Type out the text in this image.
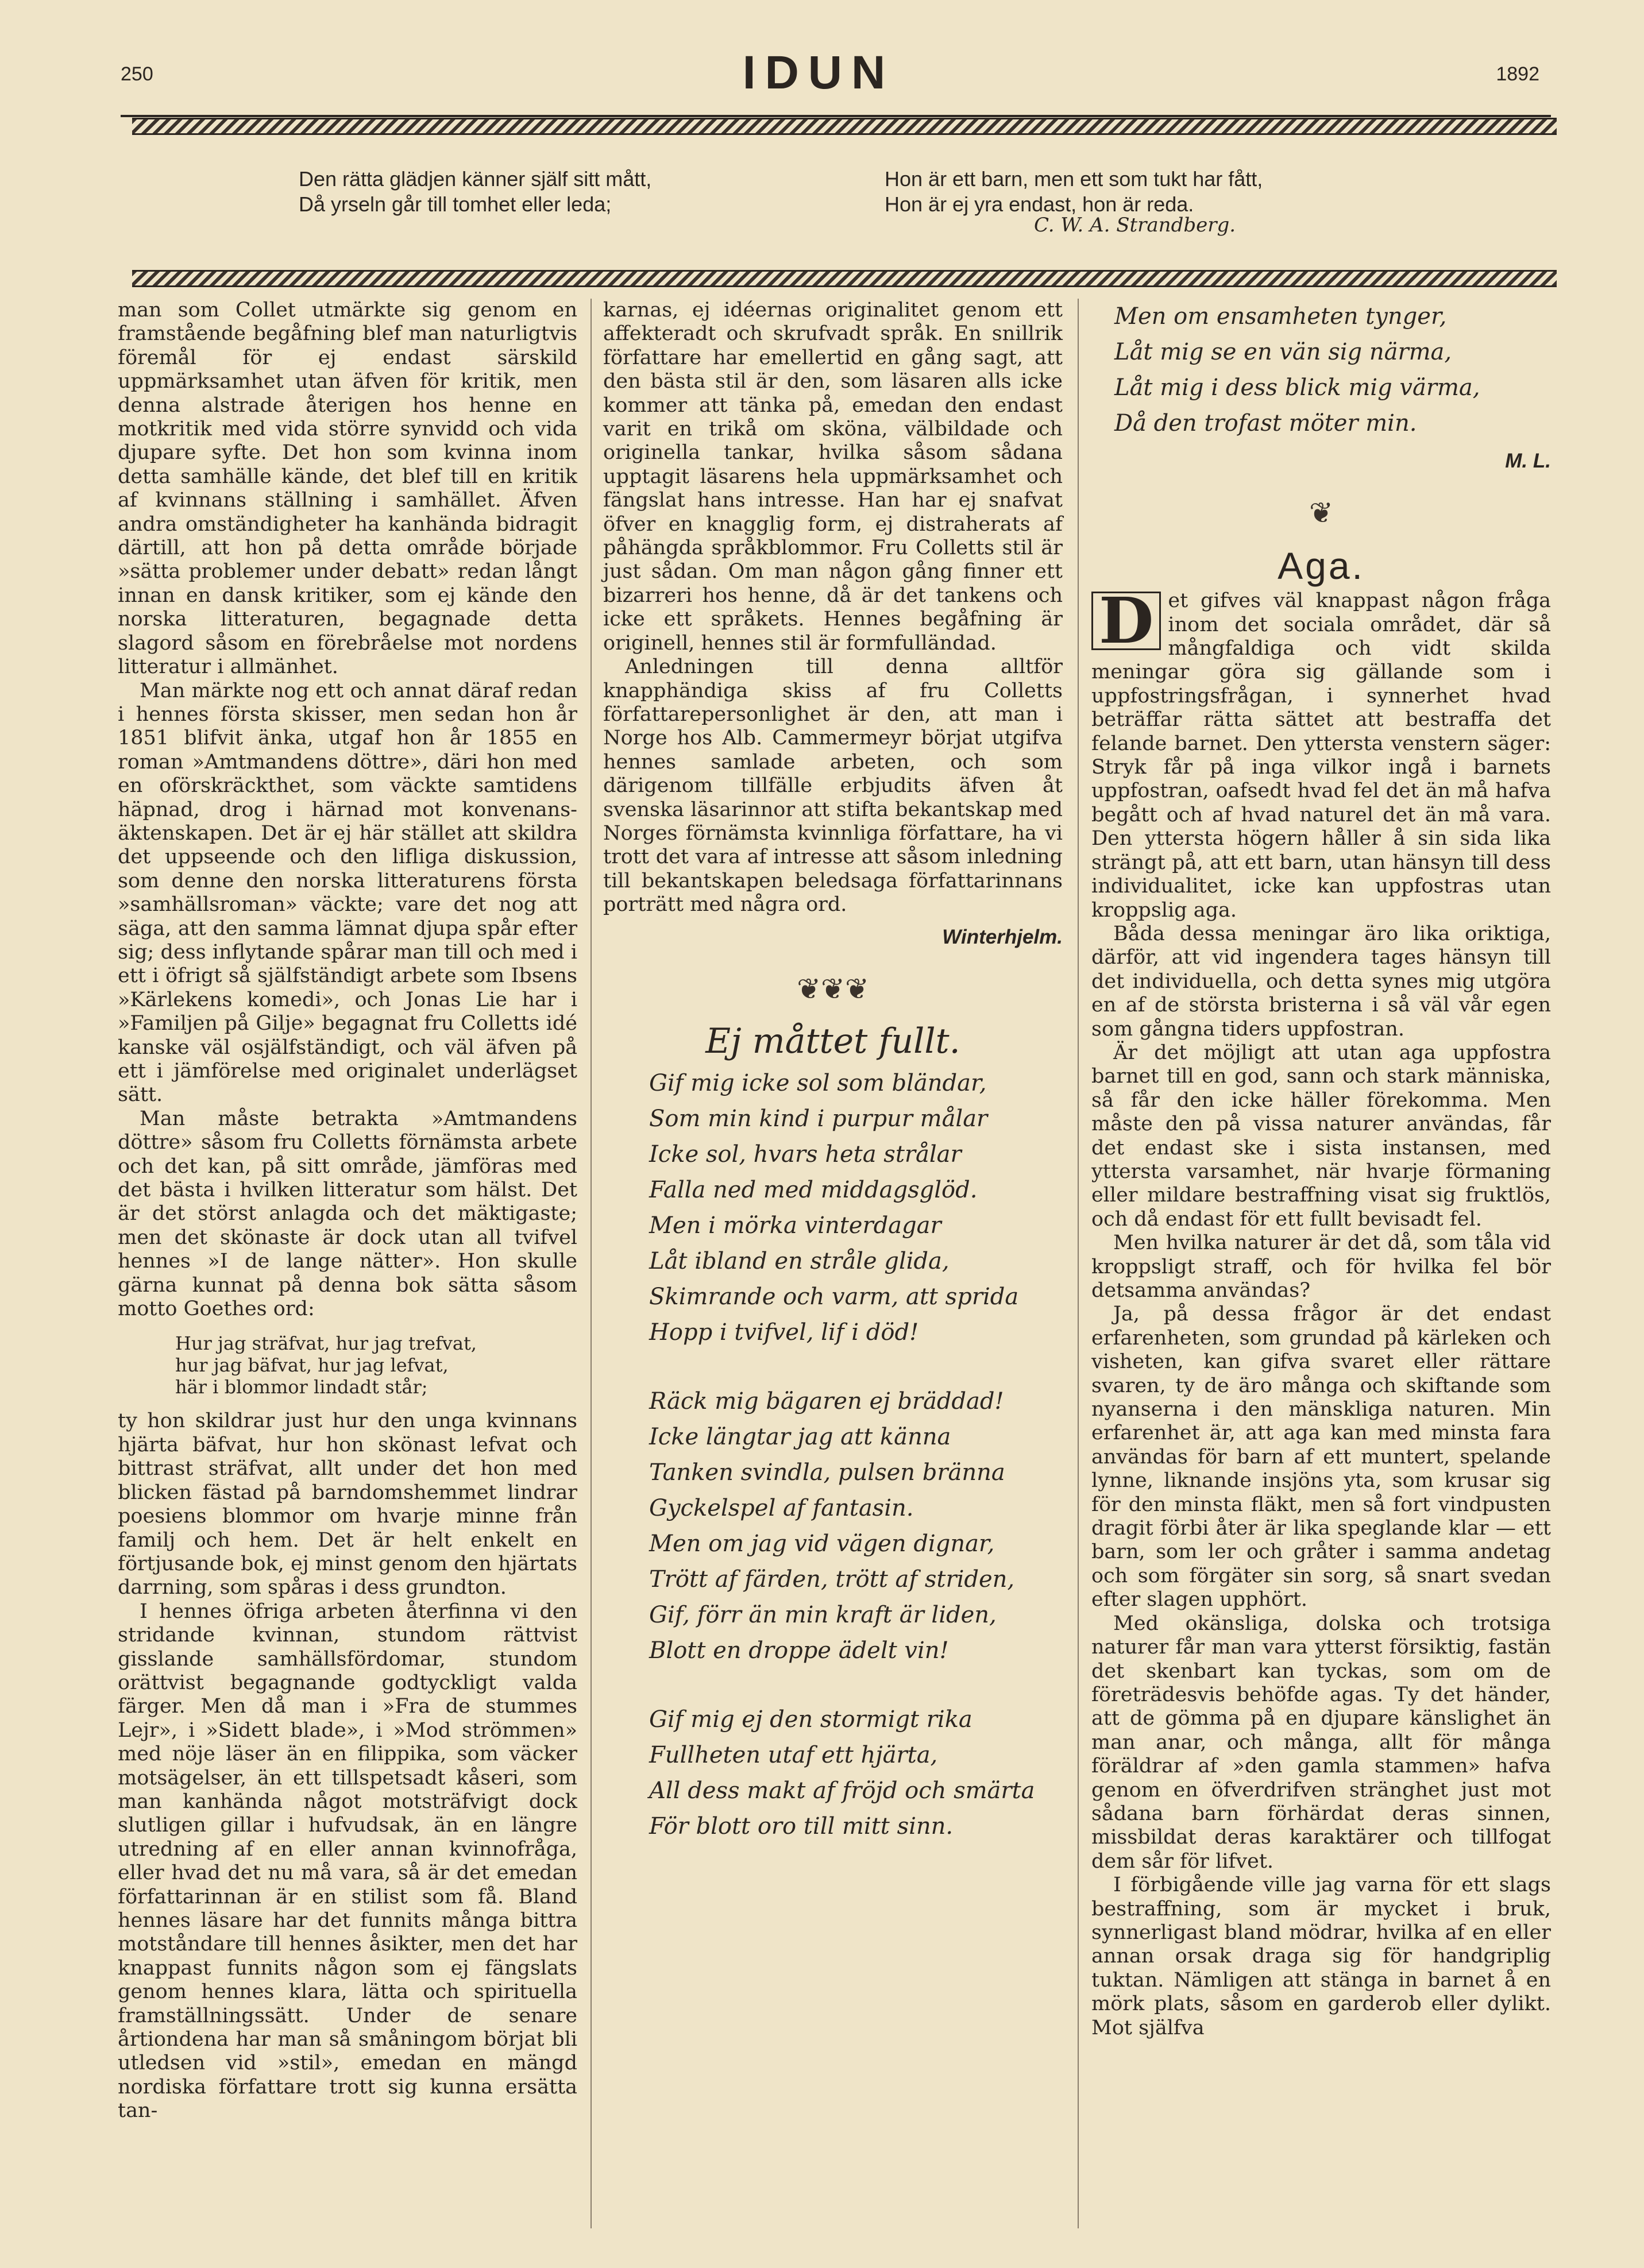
250	IDUN	1892
Den rätta glädjen känner själf sitt mått,
Då yrseln går till tomhet eller leda;
Hon är ett barn, men ett som tukt har fått,
Hon är ej yra endast, hon är reda.
C. W. A. Strandberg.

man som Collet utmärkte sig genom en framstående begåfning blef man naturligtvis föremål för ej endast särskild uppmärksamhet utan äfven för kritik, men denna alstrade återigen hos henne en motkritik med vida större synvidd och vida djupare syfte. Det hon som kvinna inom detta samhälle kände, det blef till en kritik af kvinnans ställning i samhället. Äfven andra omständigheter ha kanhända bidragit därtill, att hon på detta område började »sätta problemer under debatt» redan långt innan en dansk kritiker, som ej kände den norska litteraturen, begagnade detta slagord såsom en förebråelse mot nordens litteratur i allmänhet.

Man märkte nog ett och annat däraf redan i hennes första skisser, men sedan hon år 1851 blifvit änka, utgaf hon år 1855 en roman »Amtmandens döttre», däri hon med en oförskräckthet, som väckte samtidens häpnad, drog i härnad mot konvenans-äktenskapen. Det är ej här stället att skildra det uppseende och den lifliga diskussion, som denne den norska litteraturens första »samhällsroman» väckte; vare det nog att säga, att den samma lämnat djupa spår efter sig; dess inflytande spårar man till och med i ett i öfrigt så själfständigt arbete som Ibsens »Kärlekens komedi», och Jonas Lie har i »Familjen på Gilje» begagnat fru Colletts idé kanske väl osjälfständigt, och väl äfven på ett i jämförelse med originalet underlägset sätt.

Man måste betrakta »Amtmandens döttre» såsom fru Colletts förnämsta arbete och det kan, på sitt område, jämföras med det bästa i hvilken litteratur som hälst. Det är det störst anlagda och det mäktigaste; men det skönaste är dock utan all tvifvel hennes »I de lange nätter». Hon skulle gärna kunnat på denna bok sätta såsom motto Goethes ord:

Hur jag sträfvat, hur jag trefvat,
hur jag bäfvat, hur jag lefvat,
här i blommor lindadt står;

ty hon skildrar just hur den unga kvinnans hjärta bäfvat, hur hon skönast lefvat och bittrast sträfvat, allt under det hon med blicken fästad på barndomshemmet lindrar poesiens blommor om hvarje minne från familj och hem. Det är helt enkelt en förtjusande bok, ej minst genom den hjärtats darrning, som spåras i dess grundton.

I hennes öfriga arbeten återfinna vi den stridande kvinnan, stundom rättvist gisslande samhällsfördomar, stundom orättvist begagnande godtyckligt valda färger. Men då man i »Fra de stummes Lejr», i »Sidett blade», i »Mod strömmen» med nöje läser än en filippika, som väcker motsägelser, än ett tillspetsadt kåseri, som man kanhända något motsträfvigt dock slutligen gillar i hufvudsak, än en längre utredning af en eller annan kvinnofråga, eller hvad det nu må vara, så är det emedan författarinnan är en stilist som få. Bland hennes läsare har det funnits många bittra motståndare till hennes åsikter, men det har knappast funnits någon som ej fängslats genom hennes klara, lätta och spirituella framställningssätt. Under de senare årtiondena har man så småningom börjat bli utledsen vid »stil», emedan en mängd nordiska författare trott sig kunna ersätta tan-

karnas, ej idéernas originalitet genom ett affekteradt och skrufvadt språk. En snillrik författare har emellertid en gång sagt, att den bästa stil är den, som läsaren alls icke kommer att tänka på, emedan den endast varit en trikå om sköna, välbildade och originella tankar, hvilka såsom sådana upptagit läsarens hela uppmärksamhet och fängslat hans intresse. Han har ej snafvat öfver en knagglig form, ej distraherats af påhängda språkblommor. Fru Colletts stil är just sådan. Om man någon gång finner ett bizarreri hos henne, då är det tankens och icke ett språkets. Hennes begåfning är originell, hennes stil är formfulländad.

Anledningen till denna alltför knapphändiga skiss af fru Colletts författarepersonlighet är den, att man i Norge hos Alb. Cammermeyr börjat utgifva hennes samlade arbeten, och som därigenom tillfälle erbjudits äfven åt svenska läsarinnor att stifta bekantskap med Norges förnämsta kvinnliga författare, ha vi trott det vara af intresse att såsom inledning till bekantskapen beledsaga författarinnans porträtt med några ord.

Winterhjelm.
❦❦❦
Ej måttet fullt.
Gif mig icke sol som bländar,
Som min kind i purpur målar
Icke sol, hvars heta strålar
Falla ned med middagsglöd.
Men i mörka vinterdagar
Låt ibland en stråle glida,
Skimrande och varm, att sprida
Hopp i tvifvel, lif i död!
Räck mig bägaren ej bräddad!
Icke längtar jag att känna
Tanken svindla, pulsen bränna
Gyckelspel af fantasin.
Men om jag vid vägen dignar,
Trött af färden, trött af striden,
Gif, förr än min kraft är liden,
Blott en droppe ädelt vin!
Gif mig ej den stormigt rika
Fullheten utaf ett hjärta,
All dess makt af fröjd och smärta
För blott oro till mitt sinn.
Men om ensamheten tynger,
Låt mig se en vän sig närma,
Låt mig i dess blick mig värma,
Då den trofast möter min.
M. L.
❦
Aga.

D et gifves väl knappast någon fråga inom det sociala området, där så mångfaldiga och vidt skilda meningar göra sig gällande som i uppfostringsfrågan, i synnerhet hvad beträffar rätta sättet att bestraffa det felande barnet. Den yttersta venstern säger: Stryk får på inga vilkor ingå i barnets uppfostran, oafsedt hvad fel det än må hafva begått och af hvad naturel det än må vara. Den yttersta högern håller å sin sida lika strängt på, att ett barn, utan hänsyn till dess individualitet, icke kan uppfostras utan kroppslig aga.

Båda dessa meningar äro lika oriktiga, därför, att vid ingendera tages hänsyn till det individuella, och detta synes mig utgöra en af de största bristerna i så väl vår egen som gångna tiders uppfostran.

Är det möjligt att utan aga uppfostra barnet till en god, sann och stark människa, så får den icke häller förekomma. Men måste den på vissa naturer användas, får det endast ske i sista instansen, med yttersta varsamhet, när hvarje förmaning eller mildare bestraffning visat sig fruktlös, och då endast för ett fullt bevisadt fel.

Men hvilka naturer är det då, som tåla vid kroppsligt straff, och för hvilka fel bör detsamma användas?

Ja, på dessa frågor är det endast erfarenheten, som grundad på kärleken och visheten, kan gifva svaret eller rättare svaren, ty de äro många och skiftande som nyanserna i den mänskliga naturen. Min erfarenhet är, att aga kan med minsta fara användas för barn af ett muntert, spelande lynne, liknande insjöns yta, som krusar sig för den minsta fläkt, men så fort vindpusten dragit förbi åter är lika speglande klar — ett barn, som ler och gråter i samma andetag och som förgäter sin sorg, så snart svedan efter slagen upphört.

Med okänsliga, dolska och trotsiga naturer får man vara ytterst försiktig, fastän det skenbart kan tyckas, som om de företrädesvis behöfde agas. Ty det händer, att de gömma på en djupare känslighet än man anar, och många, allt för många föräldrar af »den gamla stammen» hafva genom en öfverdrifven stränghet just mot sådana barn förhärdat deras sinnen, missbildat deras karaktärer och tillfogat dem sår för lifvet.

I förbigående ville jag varna för ett slags bestraffning, som är mycket i bruk, synnerligast bland mödrar, hvilka af en eller annan orsak draga sig för handgriplig tuktan. Nämligen att stänga in barnet å en mörk plats, såsom en garderob eller dylikt. Mot själfva
